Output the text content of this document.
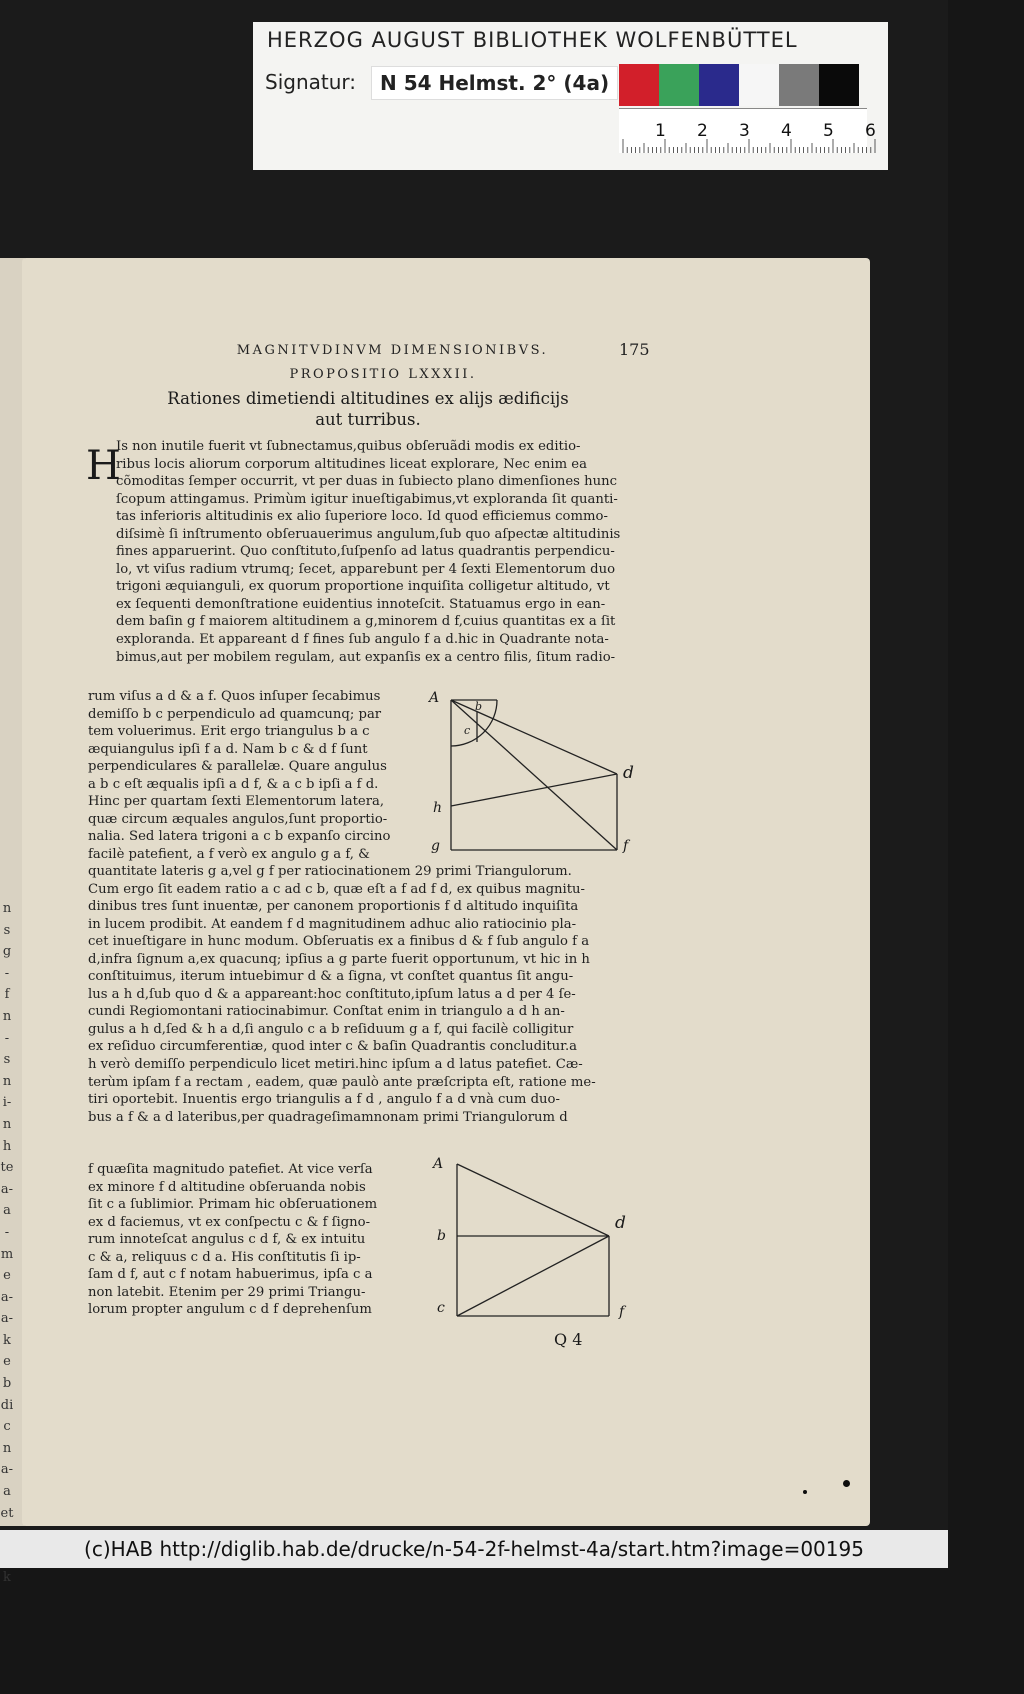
HERZOG AUGUST BIBLIOTHEK WOLFENBÜTTEL
Signatur:	N 54 Helmst. 2° (4a)
1 2 3 4 5 6
n
s
g
-
f
n
-
s
n
i-
n
h
te
a-
a
-
m
e
a-
a-
k
e
b
di
c
n
a-
a
et
k
MAGNITVDINVM DIMENSIONIBVS.	175
PROPOSITIO LXXXII.
Rationes dimetiendi altitudines ex aliјs ædificijs
aut turribus.
H

Is non inutile fuerit vt ſubnectamus,quibus obſeruãdi modis ex editio-
ribus locis aliorum corporum altitudines liceat explorare, Nec enim ea
cõmoditas ſemper occurrit, vt per duas in ſubiecto plano dimenſiones hunc
ſcopum attingamus. Primùm igitur inueſtigabimus,vt exploranda ſit quanti-
tas inferioris altitudinis ex alio ſuperiore loco. Id quod efficiemus commo-
diſsimè ſi inſtrumento obſeruauerimus angulum,ſub quo aſpectæ altitudinis
fines apparuerint. Quo conſtituto,ſuſpenſo ad latus quadrantis perpendicu-
lo, vt viſus radium vtrumq; ſecet, apparebunt per 4 ſexti Elementorum duo
trigoni æquianguli, ex quorum proportione inquiſita colligetur altitudo, vt
ex ſequenti demonſtratione euidentius innoteſcit. Statuamus ergo in ean-
dem baſin g f maiorem altitudinem a g,minorem d f,cuius quantitas ex a ſit
exploranda. Et appareant d f fines ſub angulo f a d.hic in Quadrante nota-
bimus,aut per mobilem regulam, aut expanſis ex a centro filis, ſitum radio-

rum viſus a d & a f. Quos inſuper ſecabimus
demiſſo b c perpendiculo ad quamcunq; par
tem voluerimus. Erit ergo triangulus b a c
æquiangulus ipſi f a d. Nam b c & d f ſunt
perpendiculares & parallelæ. Quare angulus
a b c eſt æqualis ipſi a d f, & a c b ipſi a f d.
Hinc per quartam ſexti Elementorum latera,
quæ circum æquales angulos,ſunt proportio-
nalia. Sed latera trigoni a c b expanſo circino
facilè patefient, a f verò ex angulo g a f, &

quantitate lateris g a,vel g f per ratiocinationem 29 primi Triangulorum.
Cum ergo ſit eadem ratio a c ad c b, quæ eſt a f ad f d, ex quibus magnitu-
dinibus tres ſunt inuentæ, per canonem proportionis f d altitudo inquiſita
in lucem prodibit. At eandem f d magnitudinem adhuc alio ratiocinio pla-
cet inueſtigare in hunc modum. Obſeruatis ex a finibus d & f ſub angulo f a
d,infra ſignum a,ex quacunq; ipſius a g parte fuerit opportunum, vt hic in h
conſtituimus, iterum intuebimur d & a ſigna, vt conſtet quantus ſit angu-
lus a h d,ſub quo d & a appareant:hoc conſtituto,ipſum latus a d per 4 ſe-
cundi Regiomontani ratiocinabimur. Conſtat enim in triangulo a d h an-
gulus a h d,ſed & h a d,ſi angulo c a b reſiduum g a f, qui facilè colligitur
ex reſiduo circumferentiæ, quod inter c & baſin Quadrantis concluditur.a
h verò demiſſo perpendiculo licet metiri.hinc ipſum a d latus patefiet. Cæ-
terùm ipſam f a rectam , eadem, quæ paulò ante præſcripta eſt, ratione me-
tiri oportebit. Inuentis ergo triangulis a f d , angulo f a d vnà cum duo-
bus a f & a d lateribus,per quadrageſimamnonam primi Triangulorum d

f quæſita magnitudo patefiet. At vice verſa
ex minore f d altitudine obſeruanda nobis
ſit c a ſublimior. Primam hic obſeruationem
ex d faciemus, vt ex conſpectu c & f ſigno-
rum innoteſcat angulus c d f, & ex intuitu
c & a, reliquus c d a. His conſtitutis ſi ip-
ſam d f, aut c f notam habuerimus, ipſa c a
non latebit. Etenim per 29 primi Triangu-
lorum propter angulum c d f deprehenſum

A
b
c
d
h
g	f
A
b
c
d
f
Q 4
(c)HAB http://diglib.hab.de/drucke/n-54-2f-helmst-4a/start.htm?image=00195
